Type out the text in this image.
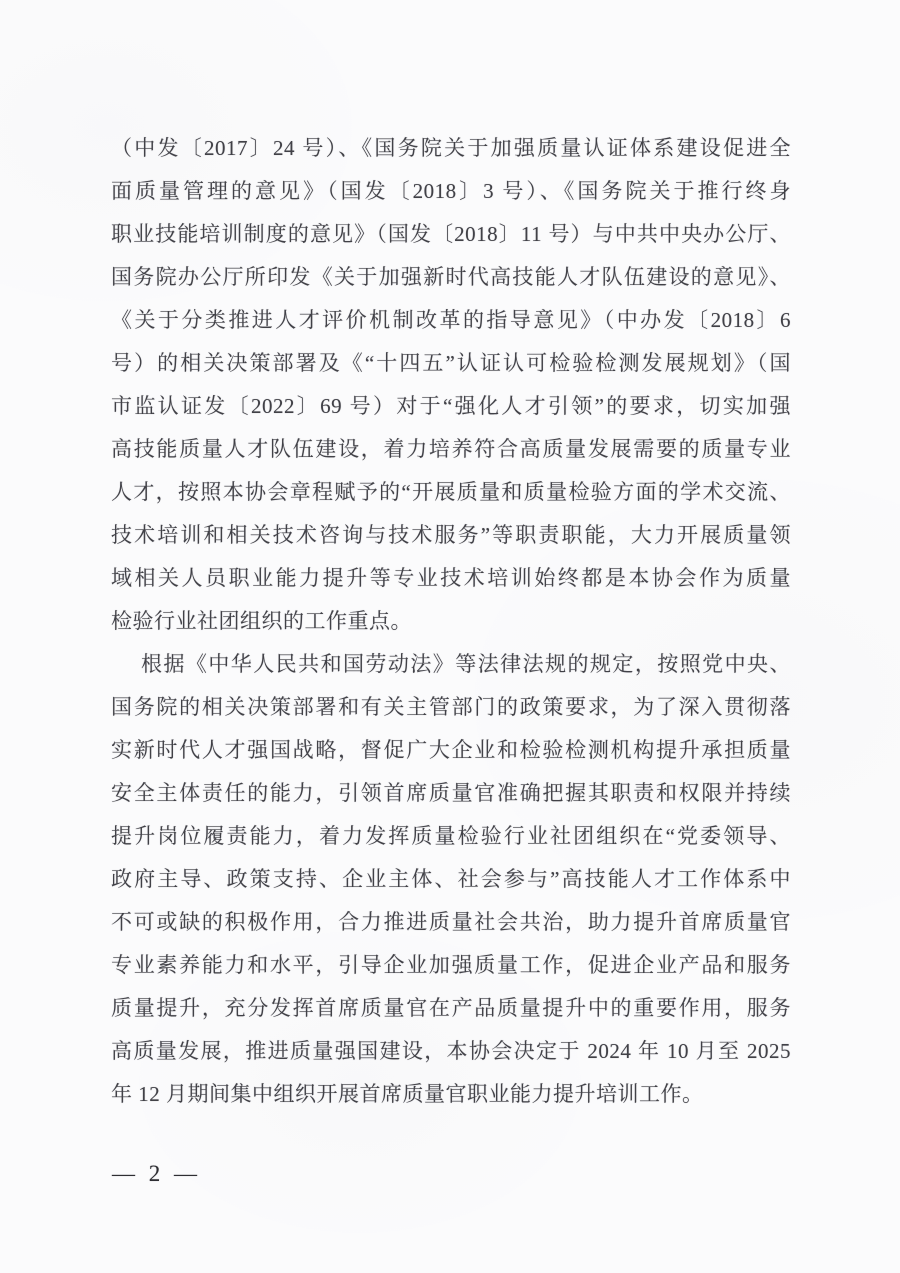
（中发〔2017〕24 号）、《国务院关于加强质量认证体系建设促进全
面质量管理的意见》（国发〔2018〕3 号）、《国务院关于推行终身
职业技能培训制度的意见》（国发〔2018〕11 号）与中共中央办公厅、
国务院办公厅所印发《关于加强新时代高技能人才队伍建设的意见》、
《关于分类推进人才评价机制改革的指导意见》（中办发〔2018〕6
号）的相关决策部署及《“十四五”认证认可检验检测发展规划》（国
市监认证发〔2022〕69 号）对于“强化人才引领”的要求，切实加强
高技能质量人才队伍建设，着力培养符合高质量发展需要的质量专业
人才，按照本协会章程赋予的“开展质量和质量检验方面的学术交流、
技术培训和相关技术咨询与技术服务”等职责职能，大力开展质量领
域相关人员职业能力提升等专业技术培训始终都是本协会作为质量
检验行业社团组织的工作重点。
根据《中华人民共和国劳动法》等法律法规的规定，按照党中央、
国务院的相关决策部署和有关主管部门的政策要求，为了深入贯彻落
实新时代人才强国战略，督促广大企业和检验检测机构提升承担质量
安全主体责任的能力，引领首席质量官准确把握其职责和权限并持续
提升岗位履责能力，着力发挥质量检验行业社团组织在“党委领导、
政府主导、政策支持、企业主体、社会参与”高技能人才工作体系中
不可或缺的积极作用，合力推进质量社会共治，助力提升首席质量官
专业素养能力和水平，引导企业加强质量工作，促进企业产品和服务
质量提升，充分发挥首席质量官在产品质量提升中的重要作用，服务
高质量发展，推进质量强国建设，本协会决定于 2024 年 10 月至 2025
年 12 月期间集中组织开展首席质量官职业能力提升培训工作。
— 2 —
